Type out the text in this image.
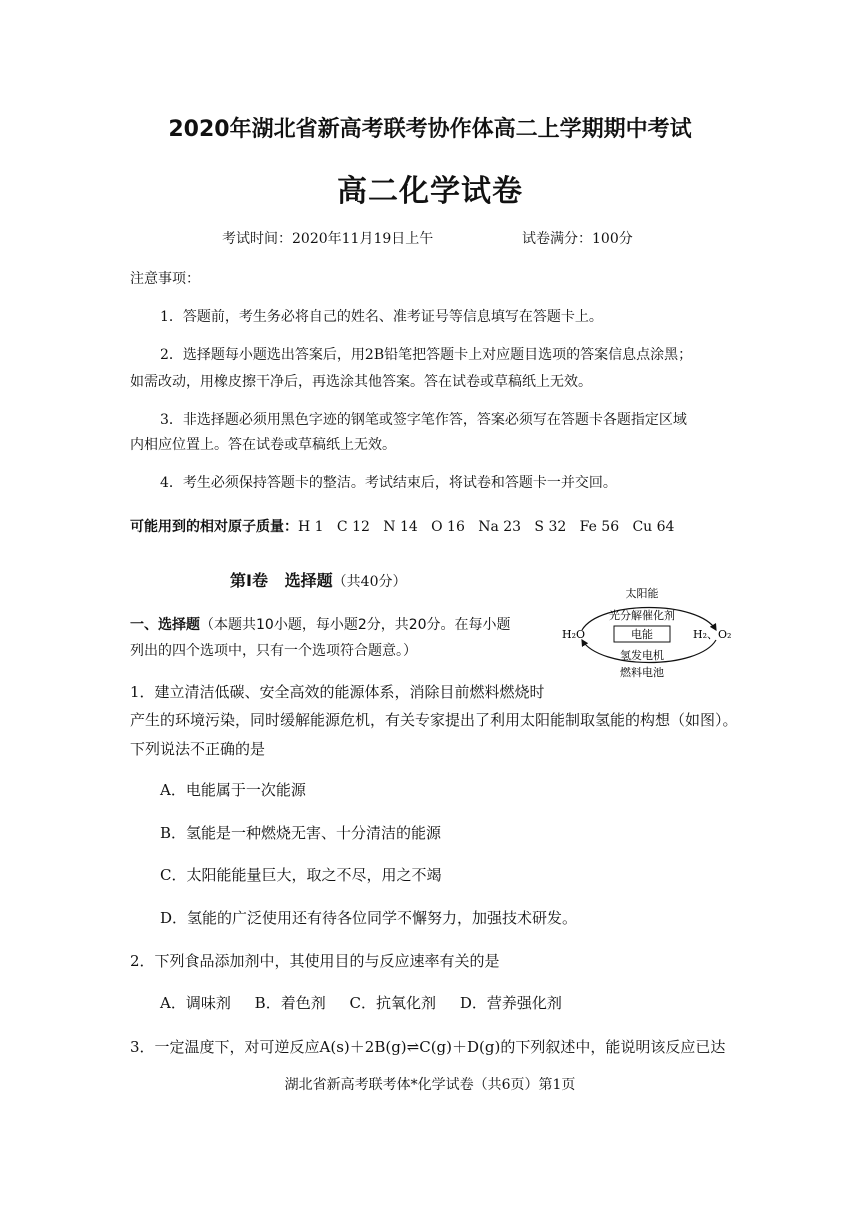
2020年湖北省新高考联考协作体高二上学期期中考试
高二化学试卷
考试时间：2020年11月19日上午	试卷满分：100分
注意事项：
1．答题前，考生务必将自己的姓名、准考证号等信息填写在答题卡上。
2．选择题每小题选出答案后，用2B铅笔把答题卡上对应题目选项的答案信息点涂黑；
如需改动，用橡皮擦干净后，再选涂其他答案。答在试卷或草稿纸上无效。
3．非选择题必须用黑色字迹的钢笔或签字笔作答，答案必须写在答题卡各题指定区域
内相应位置上。答在试卷或草稿纸上无效。
4．考生必须保持答题卡的整洁。考试结束后，将试卷和答题卡一并交回。
可能用到的相对原子质量：H 1   C 12   N 14   O 16   Na 23   S 32   Fe 56   Cu 64
第Ⅰ卷   选择题（共40分）
一、选择题（本题共10小题，每小题2分，共20分。在每小题
列出的四个选项中，只有一个选项符合题意。）
太阳能
光分解催化剂
电能
H₂O	H₂、O₂
氢发电机
燃料电池
1．建立清洁低碳、安全高效的能源体系，消除目前燃料燃烧时
产生的环境污染，同时缓解能源危机，有关专家提出了利用太阳能制取氢能的构想（如图）。
下列说法不正确的是
A．电能属于一次能源
B．氢能是一种燃烧无害、十分清洁的能源
C．太阳能能量巨大，取之不尽，用之不竭
D．氢能的广泛使用还有待各位同学不懈努力，加强技术研发。
2．下列食品添加剂中，其使用目的与反应速率有关的是
A．调味剂     B．着色剂     C．抗氧化剂     D．营养强化剂
3．一定温度下，对可逆反应A(s)＋2B(g)⇌C(g)＋D(g)的下列叙述中，能说明该反应已达
湖北省新高考联考体*化学试卷（共6页）第1页
